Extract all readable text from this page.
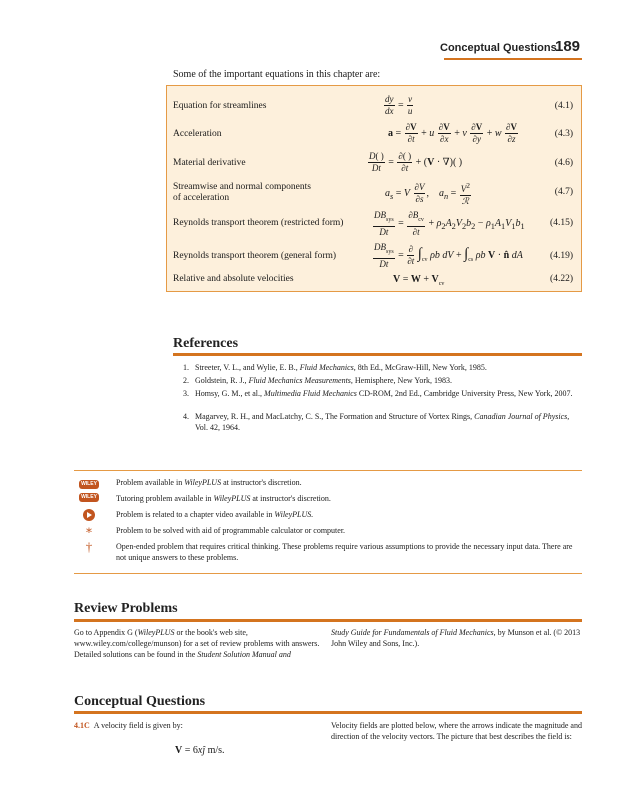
Conceptual Questions
189
Some of the important equations in this chapter are:
Equation for streamlines	$\frac{dy}{dx} = \frac{v}{u}$	(4.1)
Acceleration	$a = \frac{\partial V}{\partial t} + u \frac{\partial V}{\partial x} + v \frac{\partial V}{\partial y} + w \frac{\partial V}{\partial z}$	(4.3)
Material derivative	$\frac{D( )}{Dt} = \frac{\partial( )}{\partial t} + (V$ · ∇)( )	(4.6)
Streamwise and normal components
of acceleration	$a_s = V \frac{\partial V}{\partial s}$ ,    $a_n = \frac{V^2}{\text{ℛ}}$	(4.7)
Reynolds transport theorem (restricted form)	$\frac{DB_{sys}}{Dt} = \frac{\partial B_{cv}}{\partial t} + \rho_2A_2V_2b_2 - \rho_1A_1V_1b_1$	(4.15)
Reynolds transport theorem (general form)	$\frac{DB_{sys}}{Dt} = \frac{\partial}{\partial t} \int_{cv}$ ρb dV + $\int_{cs}$ ρb V · n̂ dA	(4.19)
Relative and absolute velocities	$V = W + V_{cv}$	(4.22)
References
1. Streeter, V. L., and Wylie, E. B., Fluid Mechanics, 8th Ed., McGraw-Hill, New York, 1985.
2. Goldstein, R. J., Fluid Mechanics Measurements, Hemisphere, New York, 1983.
3. Homsy, G. M., et al., Multimedia Fluid Mechanics CD-ROM, 2nd Ed., Cambridge University Press, New York, 2007.
4. Magarvey, R. H., and MacLatchy, C. S., The Formation and Structure of Vortex Rings, Canadian Journal of Physics, Vol. 42, 1964.
WILEY	Problem available in WileyPLUS at instructor's discretion.
WILEY GO
Tutoring problem available in WileyPLUS at instructor's discretion.
Problem is related to a chapter video available in WileyPLUS.
∗	Problem to be solved with aid of programmable calculator or computer.
†	Open-ended problem that requires critical thinking. These problems require various assumptions to provide the necessary input data. There are not unique answers to these problems.
Review Problems
Go to Appendix G (WileyPLUS or the book's web site, www.wiley.com/college/munson) for a set of review problems with answers. Detailed solutions can be found in the Student Solution Manual and
Study Guide for Fundamentals of Fluid Mechanics, by Munson et al. (© 2013 John Wiley and Sons, Inc.).
Conceptual Questions
4.1C A velocity field is given by:
V = 6xĵ m/s.
Velocity fields are plotted below, where the arrows indicate the magnitude and direction of the velocity vectors. The picture that best describes the field is:
